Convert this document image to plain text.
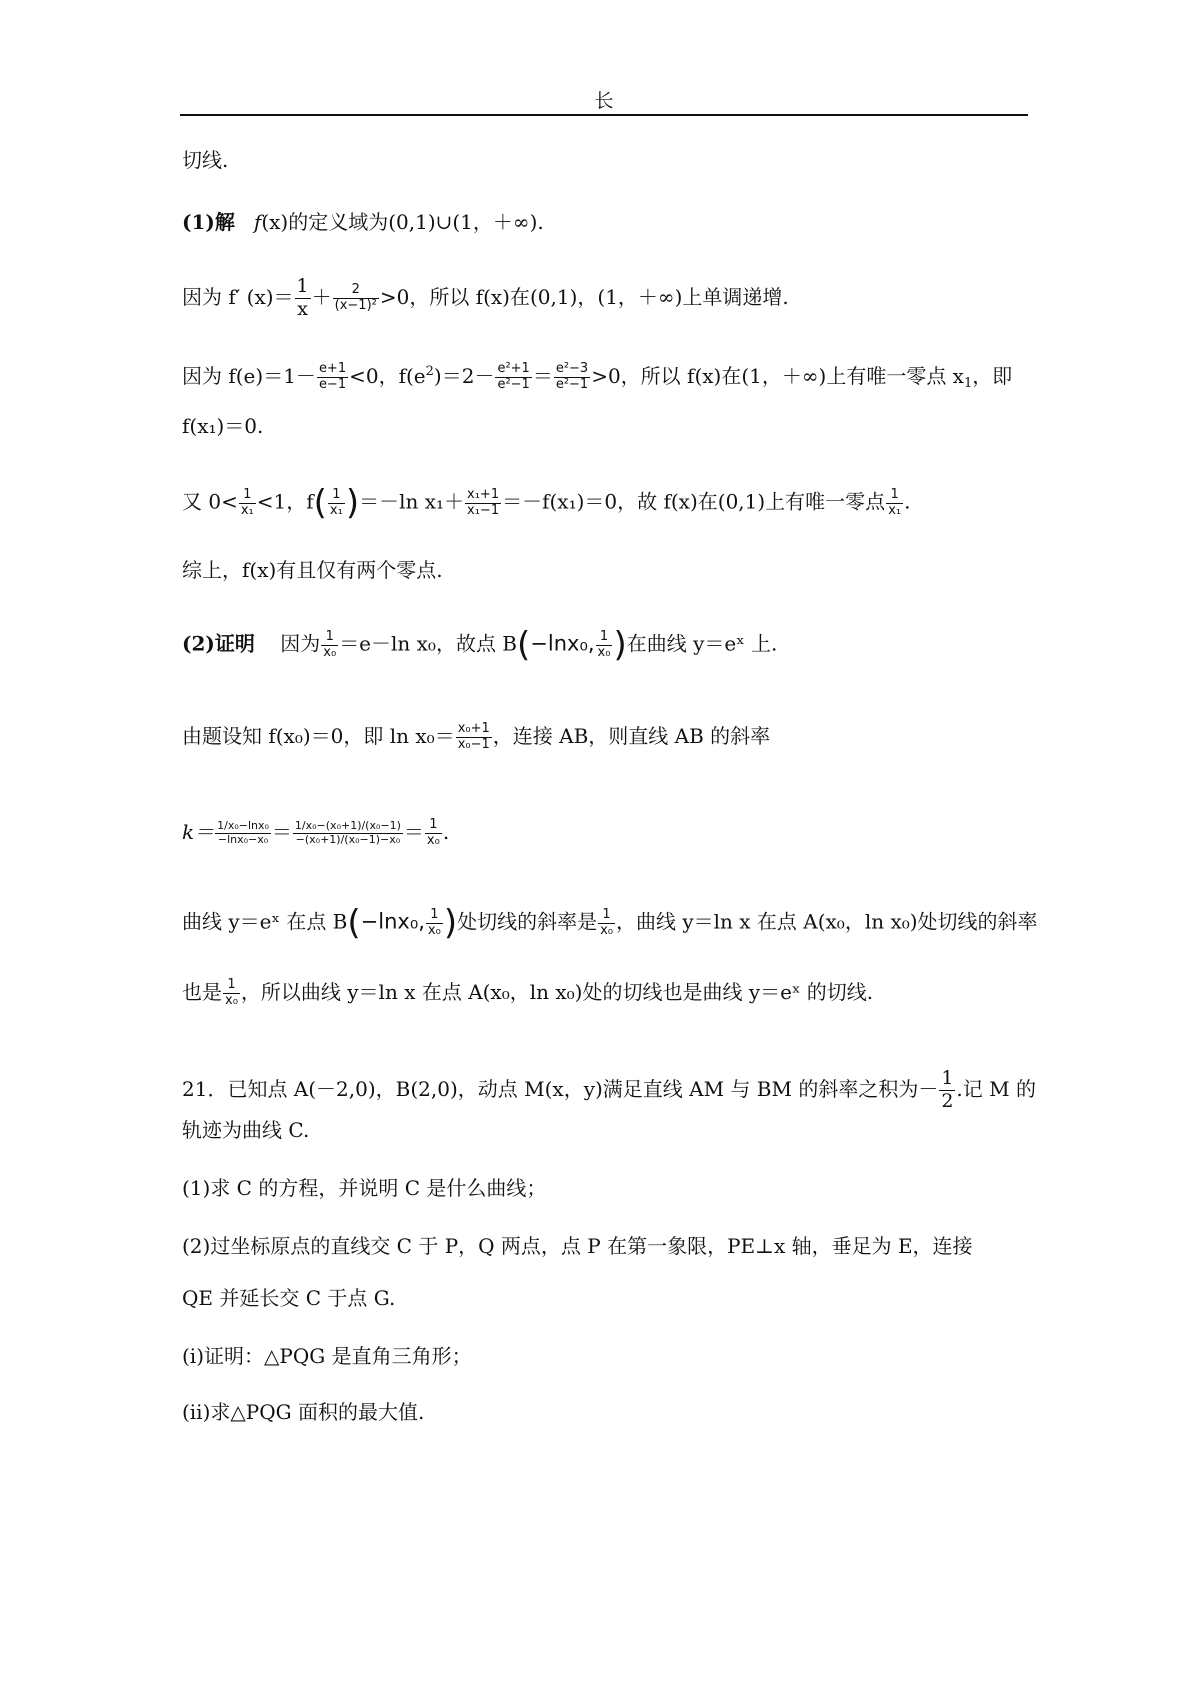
长
切线.
(1)解 f(x)的定义域为(0,1)∪(1，＋∞).
因为 f′ $(x)= \frac{1}{x} + \frac{2}{\text{(x−1)²}} >0$，所以 f(x)在(0,1)，(1，＋∞)上单调递增.
因为 $f(e)=1- \frac{e+1}{e-1} <0$，$f(e^2)=2- \frac{\text{e²+1}}{\text{e²−1}} = \frac{\text{e²−3}}{\text{e²−1}} >0$，所以 f(x)在(1，＋∞)上有唯一零点 $x_1$，即
f(x₁)＝0.
又 $0< \frac{1}{\text{x₁}} <1$，$f( \frac{1}{\text{x₁}} )=-\ln$ $x_1+ \frac{\text{x₁+1}}{\text{x₁−1}} =-f(x_1)=0$，故 f(x)在(0,1)上有唯一零点 $\frac{1}{\text{x₁}}$ .
综上，f(x)有且仅有两个零点.
(2)证明 因为 $\frac{1}{\text{x₀}} =e-\ln$ x₀，故点 B(−lnx₀, $\frac{1}{\text{x₀}}$ )在曲线 y＝eˣ 上.
由题设知 f(x₀)＝0，即 $\ln x_0= \frac{\text{x₀+1}}{\text{x₀−1}}$ ，连接 AB，则直线 AB 的斜率
$k= \frac{\text{1/x₀−lnx₀}}{\text{−lnx₀−x₀}} = \frac{\text{1/x₀−(x₀+1)/(x₀−1)}}{\text{−(x₀+1)/(x₀−1)−x₀}} = \frac{1}{\text{x₀}}$ .
曲线 y＝eˣ 在点 B(−lnx₀, $\frac{1}{\text{x₀}}$ )处切线的斜率是 $\frac{1}{\text{x₀}}$ ，曲线 y＝ln x 在点 A(x₀，ln x₀)处切线的斜率
也是 $\frac{1}{\text{x₀}}$ ，所以曲线 y＝ln x 在点 A(x₀，ln x₀)处的切线也是曲线 y＝eˣ 的切线.
21．已知点 A(－2,0)，B(2,0)，动点 M(x，y)满足直线 AM 与 BM 的斜率之积为－ $\frac{1}{2}$ .记 M 的
轨迹为曲线 C.
(1)求 C 的方程，并说明 C 是什么曲线；
(2)过坐标原点的直线交 C 于 P，Q 两点，点 P 在第一象限，PE⊥x 轴，垂足为 E，连接
QE 并延长交 C 于点 G.
(ⅰ)证明：△PQG 是直角三角形；
(ⅱ)求△PQG 面积的最大值.
